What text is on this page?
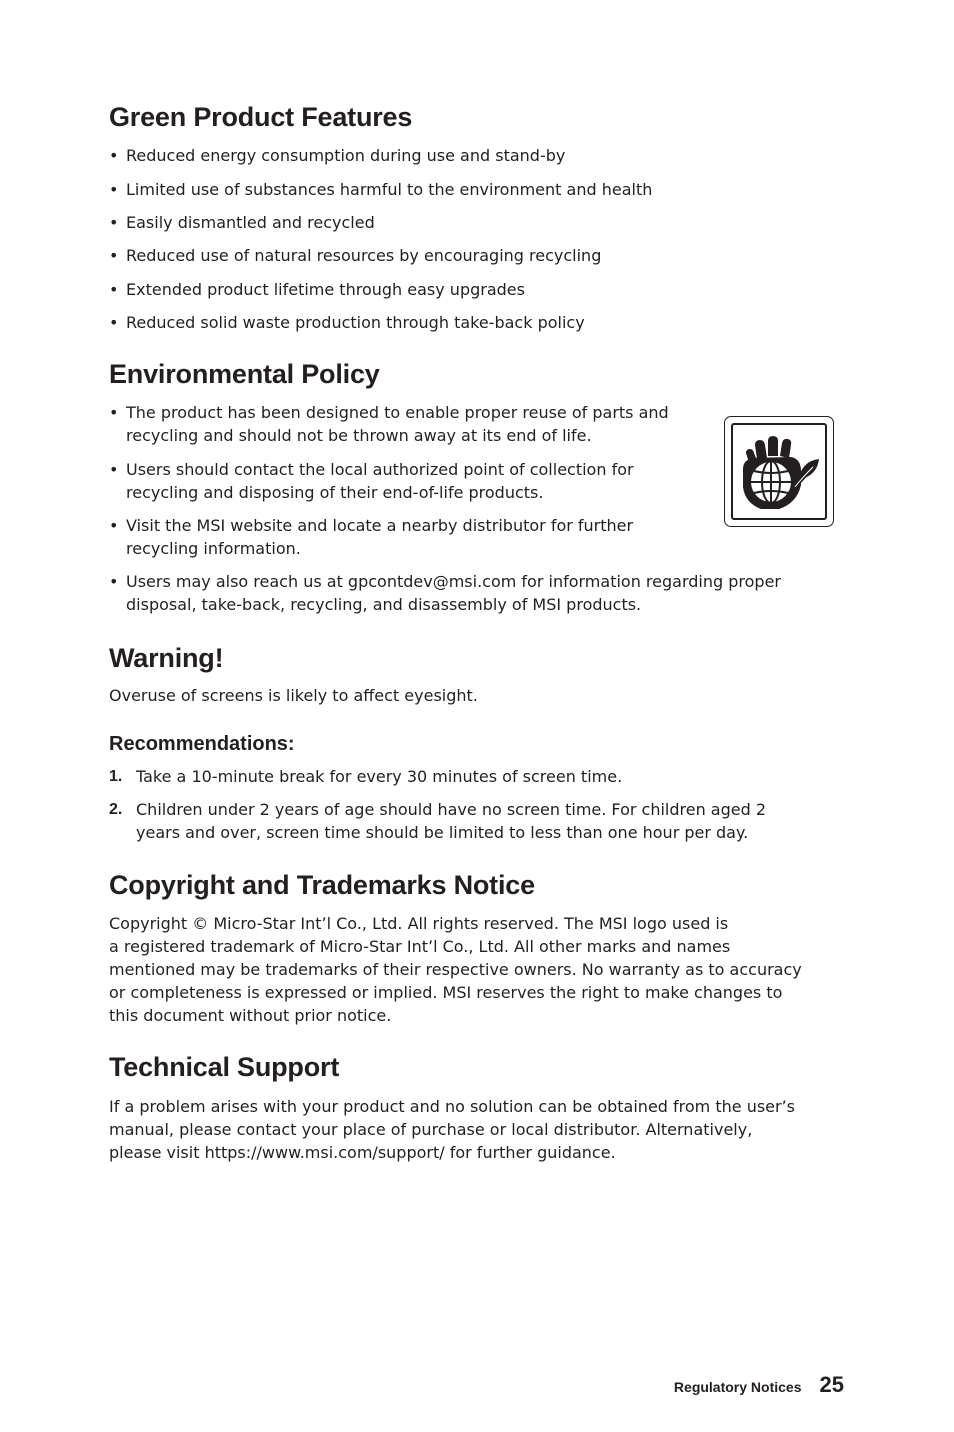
Green Product Features
• Reduced energy consumption during use and stand-by
• Limited use of substances harmful to the environment and health
• Easily dismantled and recycled
• Reduced use of natural resources by encouraging recycling
• Extended product lifetime through easy upgrades
• Reduced solid waste production through take-back policy
Environmental Policy
• The product has been designed to enable proper reuse of parts and
recycling and should not be thrown away at its end of life.
• Users should contact the local authorized point of collection for
recycling and disposing of their end-of-life products.
• Visit the MSI website and locate a nearby distributor for further
recycling information.
• Users may also reach us at gpcontdev@msi.com for information regarding proper
disposal, take-back, recycling, and disassembly of MSI products.
Warning!
Overuse of screens is likely to affect eyesight.
Recommendations:
1. Take a 10-minute break for every 30 minutes of screen time.
2. Children under 2 years of age should have no screen time. For children aged 2
years and over, screen time should be limited to less than one hour per day.
Copyright and Trademarks Notice
Copyright © Micro-Star Int’l Co., Ltd. All rights reserved. The MSI logo used is
a registered trademark of Micro-Star Int’l Co., Ltd. All other marks and names
mentioned may be trademarks of their respective owners. No warranty as to accuracy
or completeness is expressed or implied. MSI reserves the right to make changes to
this document without prior notice.
Technical Support
If a problem arises with your product and no solution can be obtained from the user’s
manual, please contact your place of purchase or local distributor. Alternatively,
please visit https://www.msi.com/support/ for further guidance.
Regulatory Notices 25
